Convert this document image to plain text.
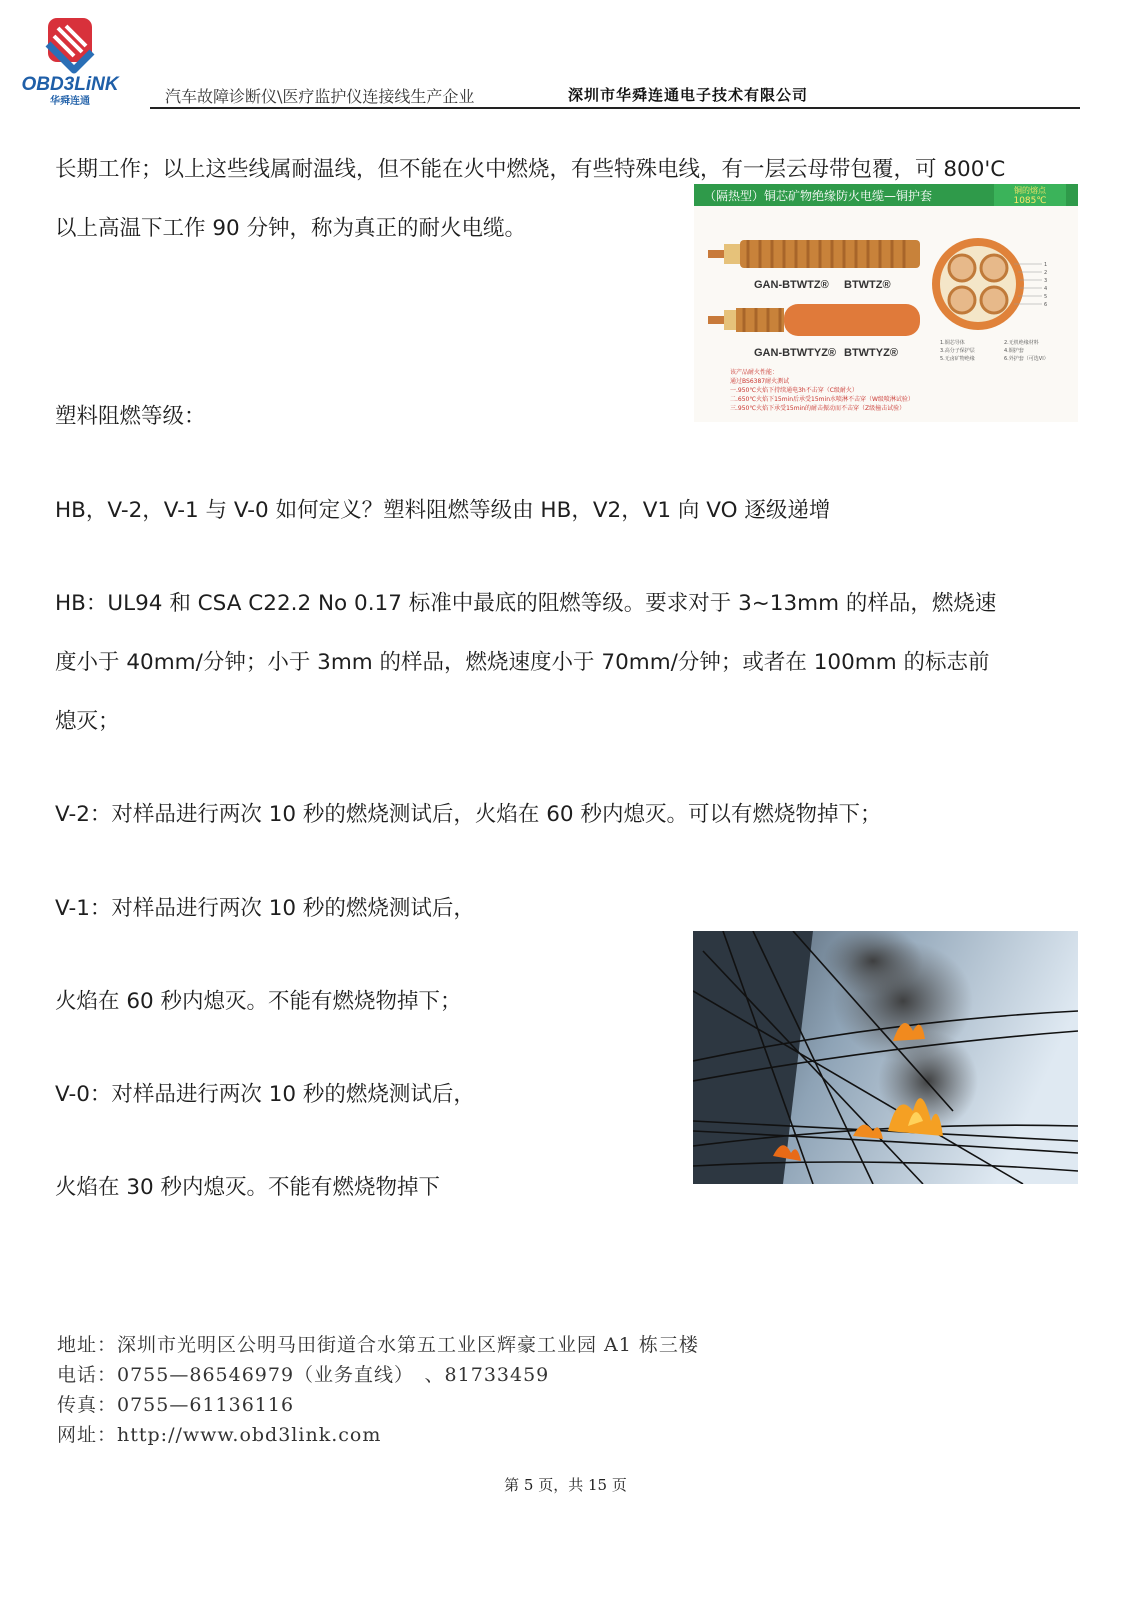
OBD3LiNK
华舜连通	汽车故障诊断仪\医疗监护仪连接线生产企业	深圳市华舜连通电子技术有限公司
长期工作；以上这些线属耐温线，但不能在火中燃烧，有些特殊电线，有一层云母带包覆，可 800'C
以上高温下工作 90 分钟，称为真正的耐火电缆。
塑料阻燃等级：
HB，V-2，V-1 与 V-0 如何定义？塑料阻燃等级由 HB，V2，V1 向 VO 逐级递增
HB：UL94 和 CSA C22.2 No 0.17 标准中最底的阻燃等级。要求对于 3~13mm 的样品，燃烧速
度小于 40mm/分钟；小于 3mm 的样品，燃烧速度小于 70mm/分钟；或者在 100mm 的标志前
熄灭；
V-2：对样品进行两次 10 秒的燃烧测试后，火焰在 60 秒内熄灭。可以有燃烧物掉下；
V-1：对样品进行两次 10 秒的燃烧测试后，
火焰在 60 秒内熄灭。不能有燃烧物掉下；
V-0：对样品进行两次 10 秒的燃烧测试后，
火焰在 30 秒内熄灭。不能有燃烧物掉下
（隔热型）铜芯矿物绝缘防火电缆—铜护套	铜的熔点
1085℃
GAN-BTWTZ® BTWTZ®
GAN-BTWTYZ® BTWTYZ®
1
2
3
4
5
6
1.铜芯导体	2.无机绝缘材料
3.高分子保护层	4.铜护套
5.无卤矿物绝缘	6.外护套（可选VI）
该产品耐火性能：
通过BS6387耐火测试
一.950℃火焰下持续通电3h不击穿（C级耐火）
二.650℃火焰下15min后承受15min水喷淋不击穿（W级喷淋试验）
三.950℃火焰下承受15min的耐击振动而不击穿（Z级撞击试验）
地址：深圳市光明区公明马田街道合水第五工业区辉豪工业园 A1 栋三楼
电话：0755—86546979（业务直线）　、81733459
传真：0755—61136116
网址：http://www.obd3link.com
第 5 页，共 15 页
